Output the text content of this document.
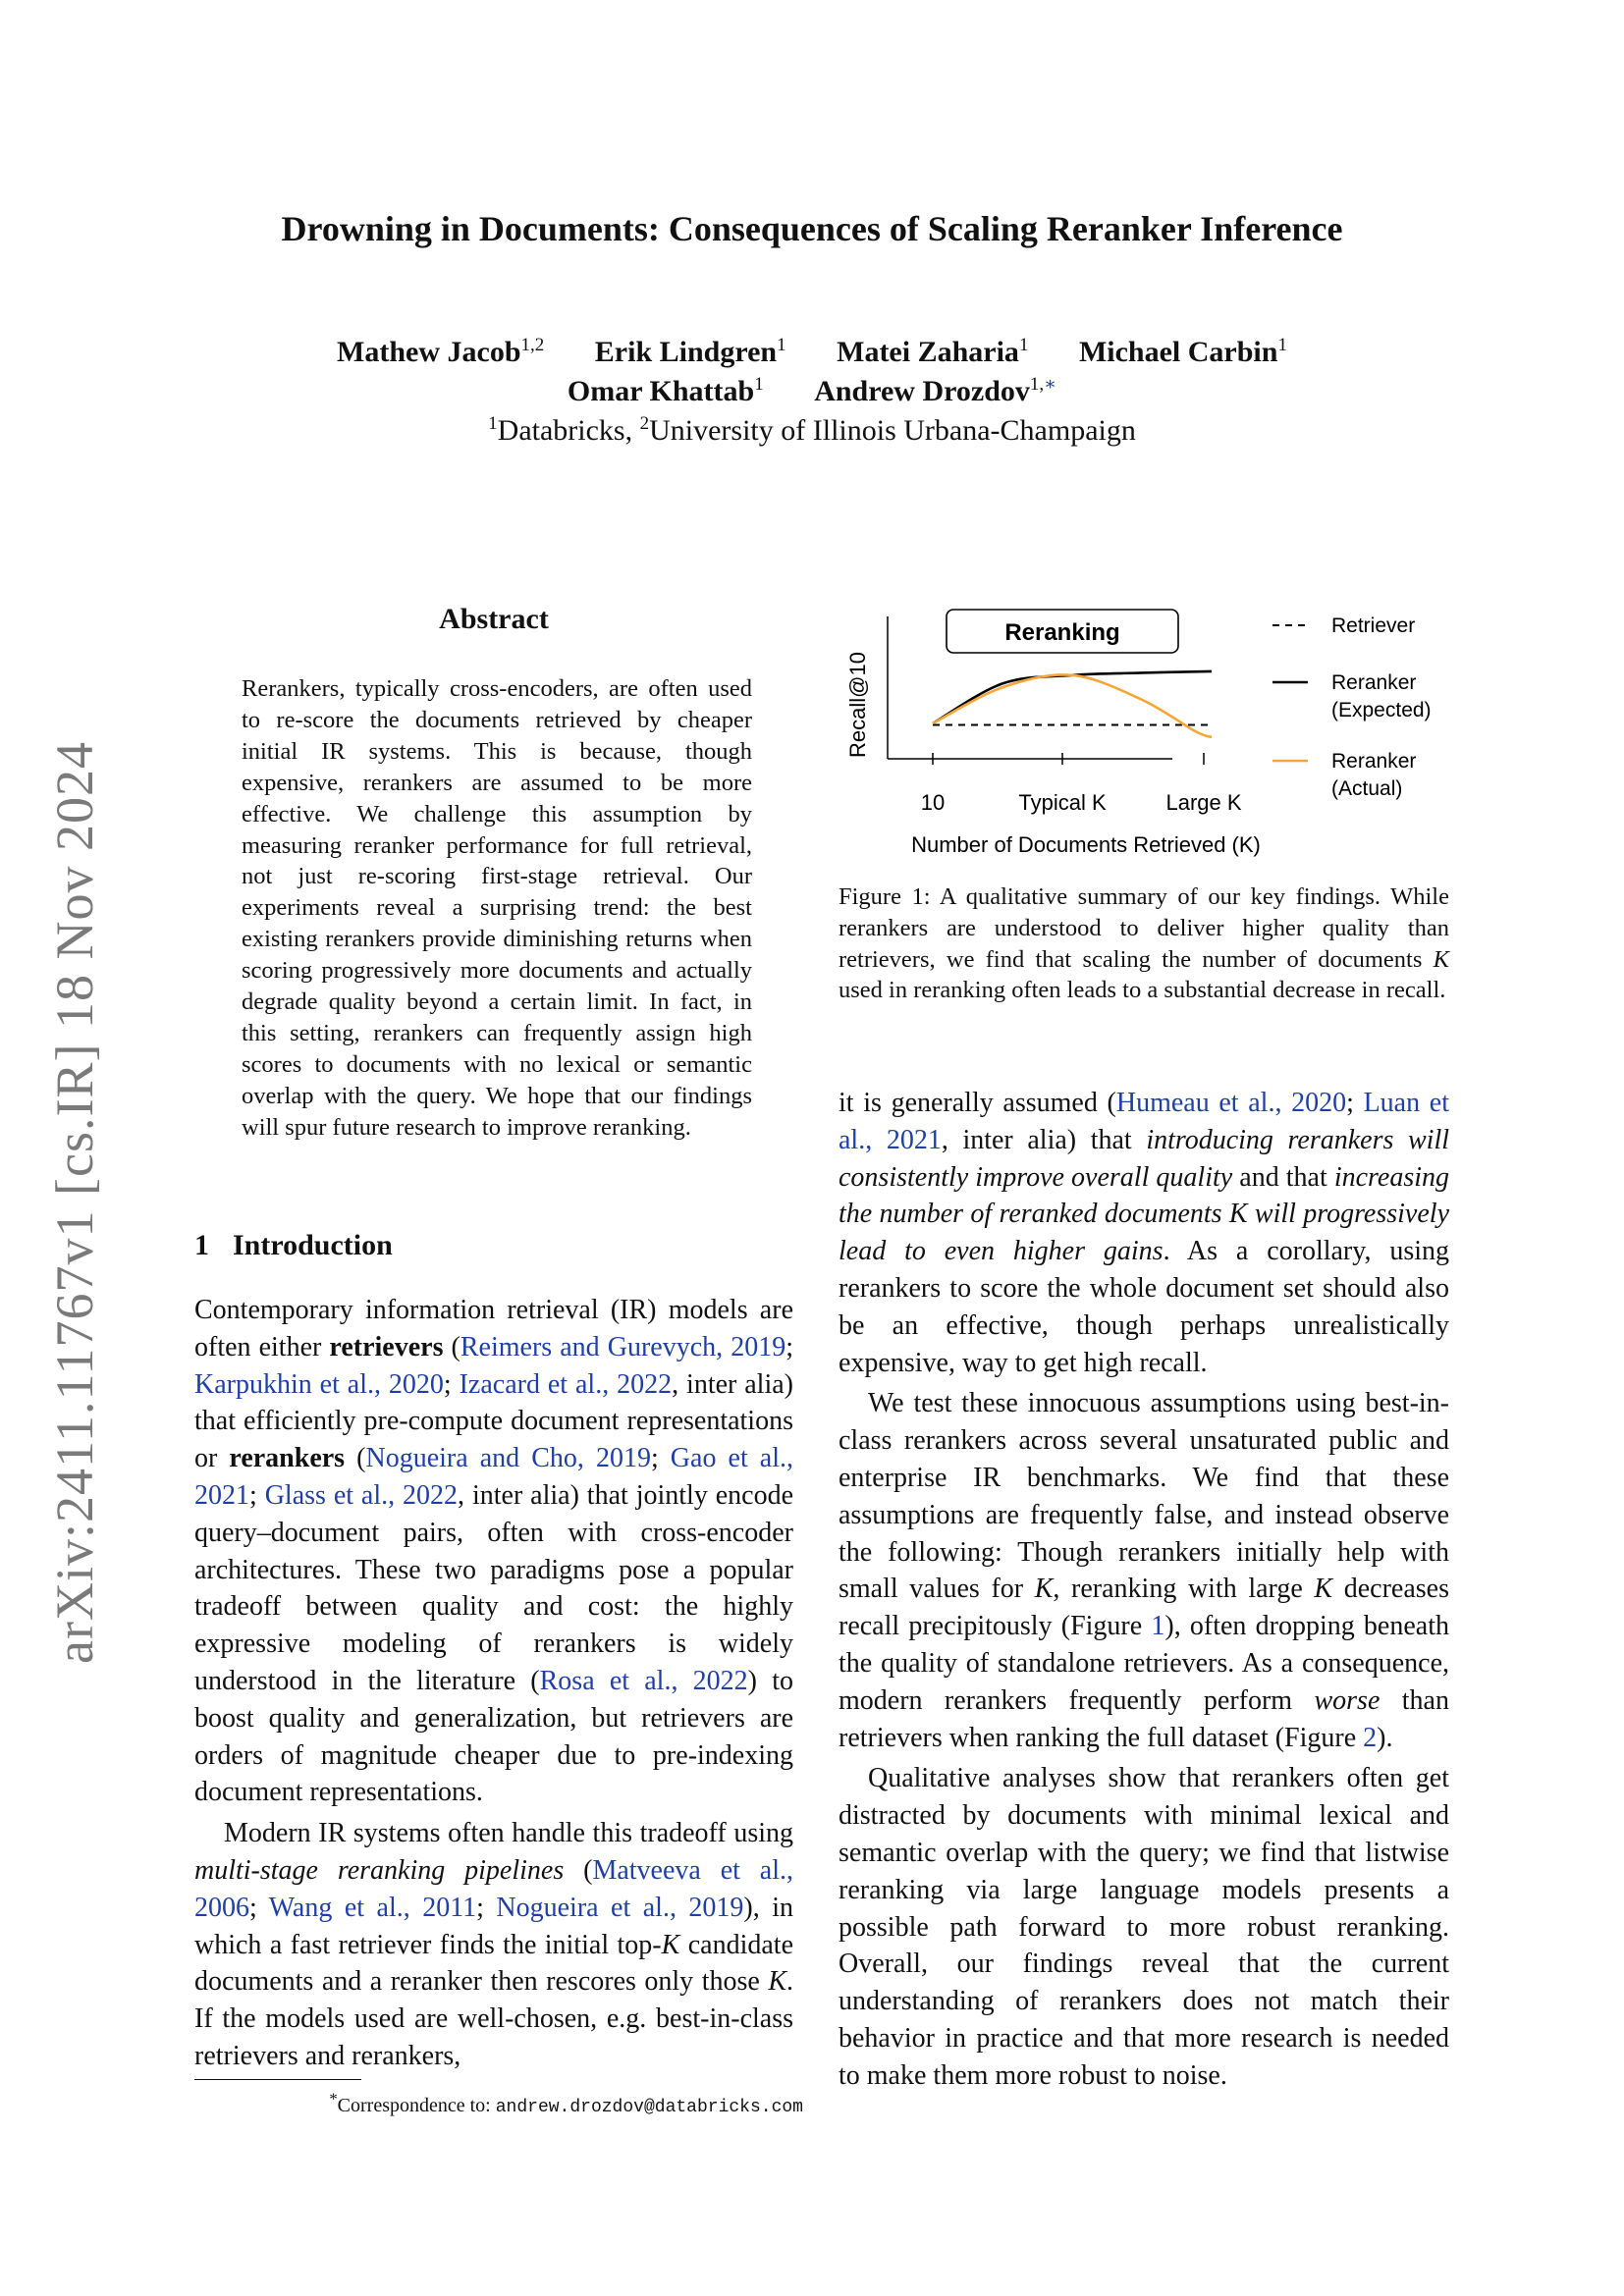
arXiv:2411.11767v1 [cs.IR] 18 Nov 2024
Drowning in Documents: Consequences of Scaling Reranker Inference
Mathew Jacob$^{1,2}$ Erik Lindgren$^1$ Matei Zaharia$^1$ Michael Carbin$^1$
Omar Khattab$^1$ Andrew Drozdov$^{1,∗}$
$^1$Databricks, $^2$University of Illinois Urbana-Champaign
Abstract
Rerankers, typically cross-encoders, are often used to re-score the documents retrieved by cheaper initial IR systems. This is because, though expensive, rerankers are assumed to be more effective. We challenge this assumption by measuring reranker performance for full retrieval, not just re-scoring first-stage retrieval. Our experiments reveal a surprising trend: the best existing rerankers provide diminishing returns when scoring progressively more documents and actually degrade quality beyond a certain limit. In fact, in this setting, rerankers can frequently assign high scores to documents with no lexical or semantic overlap with the query. We hope that our findings will spur future research to improve reranking.
1 Introduction

Contemporary information retrieval (IR) models are often either retrievers (Reimers and Gurevych, 2019; Karpukhin et al., 2020; Izacard et al., 2022, inter alia) that efficiently pre-compute document representations or rerankers (Nogueira and Cho, 2019; Gao et al., 2021; Glass et al., 2022, inter alia) that jointly encode query–document pairs, often with cross-encoder architectures. These two paradigms pose a popular tradeoff between quality and cost: the highly expressive modeling of rerankers is widely understood in the literature (Rosa et al., 2022) to boost quality and generalization, but retrievers are orders of magnitude cheaper due to pre-indexing document representations.

Modern IR systems often handle this tradeoff using multi-stage reranking pipelines (Matveeva et al., 2006; Wang et al., 2011; Nogueira et al., 2019), in which a fast retriever finds the initial top-K candidate documents and a reranker then rescores only those K. If the models used are well-chosen, e.g. best-in-class retrievers and rerankers,

*Correspondence to: andrew.drozdov@databricks.com
10	Typical K	Large K
Reranking
Recall@10
Number of Documents Retrieved (K)
Retriever
Reranker (Expected)
Reranker (Actual)
Figure 1: A qualitative summary of our key findings. While rerankers are understood to deliver higher quality than retrievers, we find that scaling the number of documents K used in reranking often leads to a substantial decrease in recall.

it is generally assumed (Humeau et al., 2020; Luan et al., 2021, inter alia) that introducing rerankers will consistently improve overall quality and that increasing the number of reranked documents K will progressively lead to even higher gains. As a corollary, using rerankers to score the whole document set should also be an effective, though perhaps unrealistically expensive, way to get high recall.

We test these innocuous assumptions using best-in-class rerankers across several unsaturated public and enterprise IR benchmarks. We find that these assumptions are frequently false, and instead observe the following: Though rerankers initially help with small values for K, reranking with large K decreases recall precipitously (Figure 1), often dropping beneath the quality of standalone retrievers. As a consequence, modern rerankers frequently perform worse than retrievers when ranking the full dataset (Figure 2).

Qualitative analyses show that rerankers often get distracted by documents with minimal lexical and semantic overlap with the query; we find that listwise reranking via large language models presents a possible path forward to more robust reranking. Overall, our findings reveal that the current understanding of rerankers does not match their behavior in practice and that more research is needed to make them more robust to noise.
